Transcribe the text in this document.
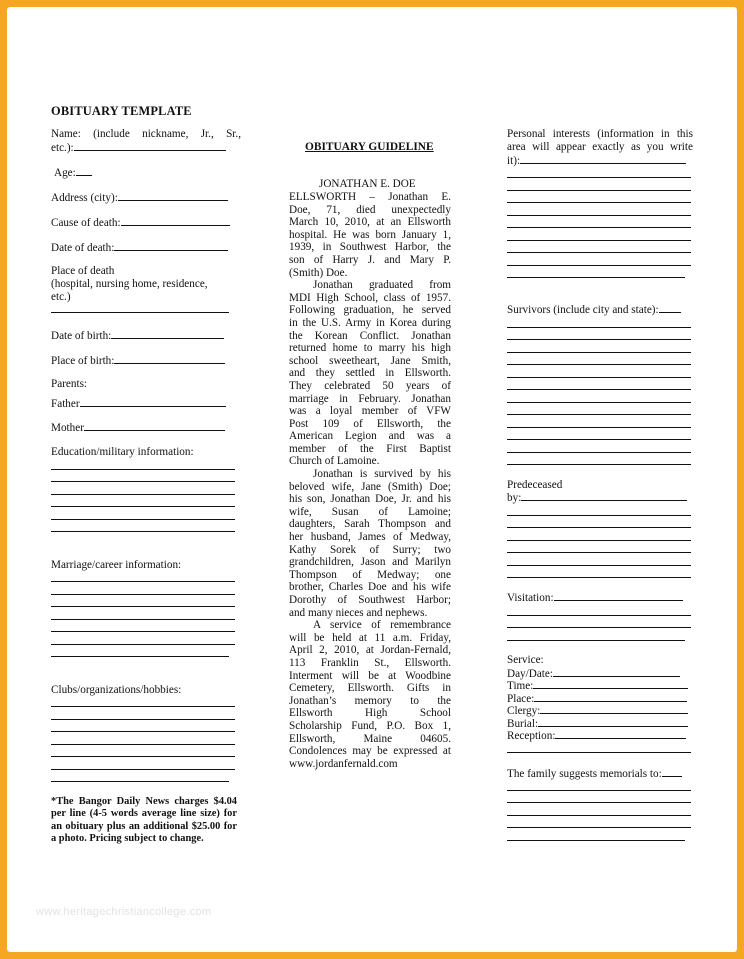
OBITUARY TEMPLATE
Name: (include nickname, Jr., Sr.,
etc.):
Age:
Address (city):
Cause of death:
Date of death:
Place of death
(hospital, nursing home, residence,
etc.)
Date of birth:
Place of birth:
Parents:
Father
Mother
Education/military information:
Marriage/career information:
Clubs/organizations/hobbies:
*The Bangor Daily News charges $4.04 per line (4-5 words average line size) for an obituary plus an additional $25.00 for a photo. Pricing subject to change.
OBITUARY GUIDELINE
JONATHAN E. DOE
ELLSWORTH – Jonathan E.
Doe, 71, died unexpectedly
March 10, 2010, at an Ellsworth
hospital. He was born January 1,
1939, in Southwest Harbor, the
son of Harry J. and Mary P.
(Smith) Doe.
Jonathan graduated from
MDI High School, class of 1957.
Following graduation, he served
in the U.S. Army in Korea during
the Korean Conflict. Jonathan
returned home to marry his high
school sweetheart, Jane Smith,
and they settled in Ellsworth.
They celebrated 50 years of
marriage in February. Jonathan
was a loyal member of VFW
Post 109 of Ellsworth, the
American Legion and was a
member of the First Baptist
Church of Lamoine.
Jonathan is survived by his
beloved wife, Jane (Smith) Doe;
his son, Jonathan Doe, Jr. and his
wife, Susan of Lamoine;
daughters, Sarah Thompson and
her husband, James of Medway,
Kathy Sorek of Surry; two
grandchildren, Jason and Marilyn
Thompson of Medway; one
brother, Charles Doe and his wife
Dorothy of Southwest Harbor;
and many nieces and nephews.
A service of remembrance
will be held at 11 a.m. Friday,
April 2, 2010, at Jordan-Fernald,
113 Franklin St., Ellsworth.
Interment will be at Woodbine
Cemetery, Ellsworth. Gifts in
Jonathan’s memory to the
Ellsworth High School
Scholarship Fund, P.O. Box 1,
Ellsworth, Maine 04605.
Condolences may be expressed at
www.jordanfernald.com
Personal interests (information in this
area will appear exactly as you write
it):
Survivors (include city and state):
Predeceased
by:
Visitation:
Service:
Day/Date:
Time:
Place:
Clergy:
Burial:
Reception:
The family suggests memorials to:
www.heritagechristiancollege.com
